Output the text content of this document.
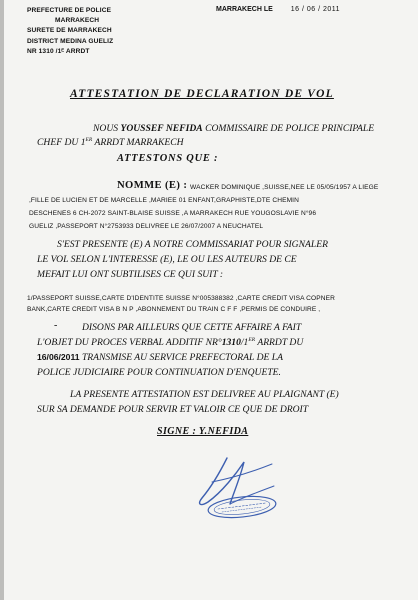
PREFECTURE DE POLICE
MARRAKECH
SURETE DE MARRAKECH
DISTRICT MEDINA GUELIZ
NR 1310 /1ᴱ ARRDT
MARRAKECH LE	16 / 06 / 2011
ATTESTATION DE DECLARATION DE VOL
NOUS YOUSSEF NEFIDA COMMISSAIRE DE POLICE PRINCIPALE
CHEF DU 1ER ARRDT MARRAKECH
ATTESTONS QUE :
NOMME (E) : WACKER DOMINIQUE ,SUISSE,NEE LE 05/05/1957 A LIEGE
,FILLE DE LUCIEN ET DE MARCELLE ,MARIEE 01 ENFANT,GRAPHISTE,DTE CHEMIN
DESCHENES 6 CH-2072 SAINT-BLAISE SUISSE ,A MARRAKECH RUE YOUGOSLAVIE N°96
GUELIZ ,PASSEPORT N°2753933 DELIVREE LE 26/07/2007 A NEUCHATEL
S'EST PRESENTE (E) A NOTRE COMMISSARIAT POUR SIGNALER
LE VOL SELON L'INTERESSE (E), LE OU LES AUTEURS DE CE
MEFAIT LUI ONT SUBTILISES CE QUI SUIT :
1/PASSEPORT SUISSE,CARTE D'IDENTITE SUISSE N°005388382 ,CARTE CREDIT VISA COPNER
BANK,CARTE CREDIT VISA B N P ,ABONNEMENT DU TRAIN C F F ,PERMIS DE CONDUIRE ,
-	DISONS PAR AILLEURS QUE CETTE AFFAIRE A FAIT
L'OBJET DU PROCES VERBAL ADDITIF NR°1310/1ER ARRDT DU
16/06/2011 TRANSMISE AU SERVICE PREFECTORAL DE LA
POLICE JUDICIAIRE POUR CONTINUATION D'ENQUETE.
LA PRESENTE ATTESTATION EST DELIVREE AU PLAIGNANT (E)
SUR SA DEMANDE POUR SERVIR ET VALOIR CE QUE DE DROIT
SIGNE : Y.NEFIDA
